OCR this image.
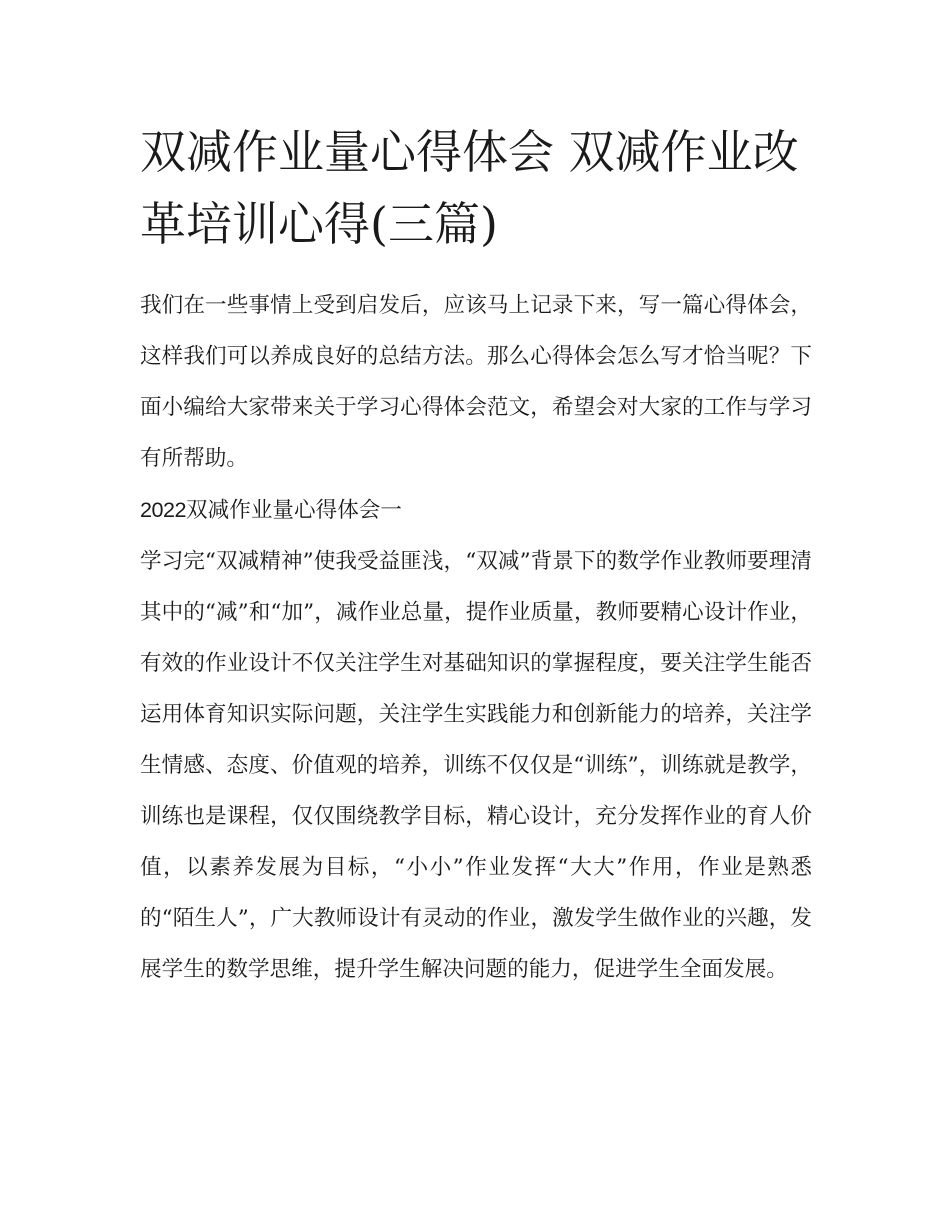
双减作业量心得体会 双减作业改革培训心得(三篇)

我们在一些事情上受到启发后，应该马上记录下来，写一篇心得体会，这样我们可以养成良好的总结方法。那么心得体会怎么写才恰当呢？下面小编给大家带来关于学习心得体会范文，希望会对大家的工作与学习有所帮助。

2022双减作业量心得体会一

学习完“双减精神”使我受益匪浅，“双减”背景下的数学作业教师要理清其中的“减”和“加”，减作业总量，提作业质量，教师要精心设计作业，有效的作业设计不仅关注学生对基础知识的掌握程度，要关注学生能否运用体育知识实际问题，关注学生实践能力和创新能力的培养，关注学生情感、态度、价值观的培养，训练不仅仅是“训练”，训练就是教学，训练也是课程，仅仅围绕教学目标，精心设计，充分发挥作业的育人价值，以素养发展为目标，“小小”作业发挥“大大”作用，作业是熟悉的“陌生人”，广大教师设计有灵动的作业，激发学生做作业的兴趣，发展学生的数学思维，提升学生解决问题的能力，促进学生全面发展。
